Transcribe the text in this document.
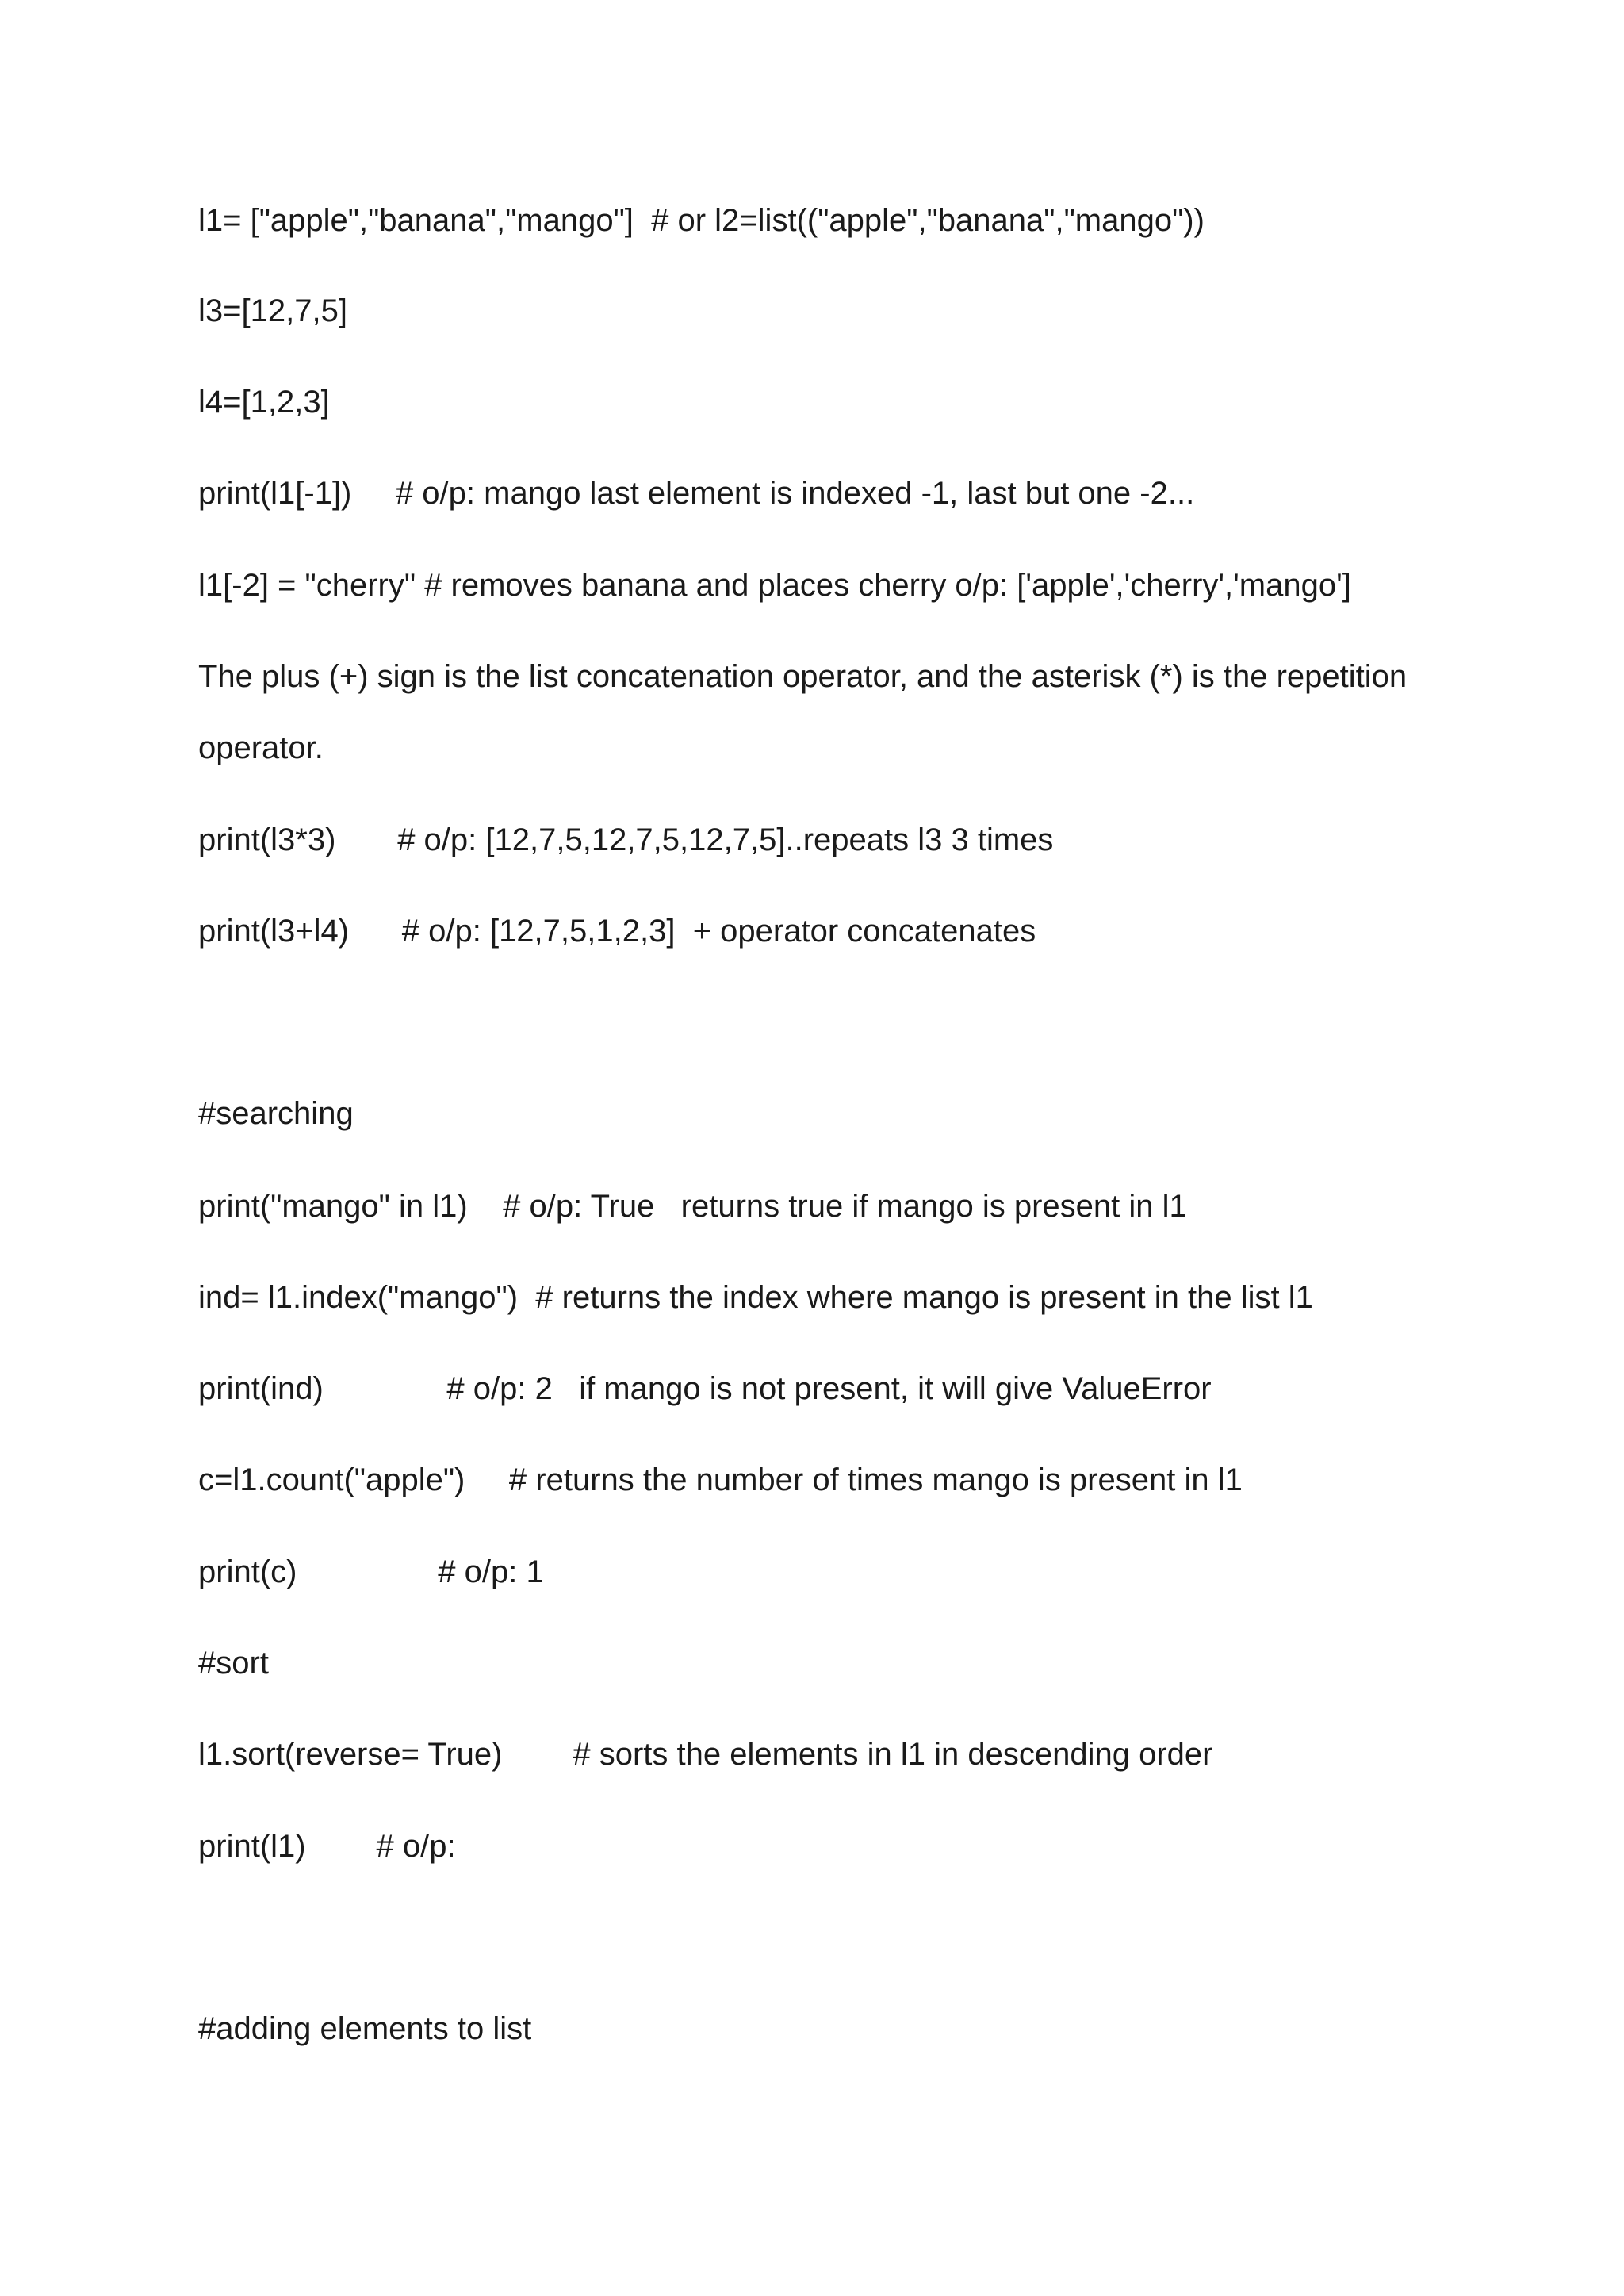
l1= ["apple","banana","mango"]  # or l2=list(("apple","banana","mango"))
l3=[12,7,5]
l4=[1,2,3]
print(l1[-1])     # o/p: mango last element is indexed -1, last but one -2...
l1[-2] = "cherry" # removes banana and places cherry o/p: ['apple','cherry','mango']
The plus (+) sign is the list concatenation operator, and the asterisk (*) is the repetition
operator.
print(l3*3)       # o/p: [12,7,5,12,7,5,12,7,5]..repeats l3 3 times
print(l3+l4)      # o/p: [12,7,5,1,2,3]  + operator concatenates
#searching
print("mango" in l1)    # o/p: True   returns true if mango is present in l1
ind= l1.index("mango")  # returns the index where mango is present in the list l1
print(ind)              # o/p: 2   if mango is not present, it will give ValueError
c=l1.count("apple")     # returns the number of times mango is present in l1
print(c)                # o/p: 1
#sort
l1.sort(reverse= True)        # sorts the elements in l1 in descending order
print(l1)        # o/p:
#adding elements to list
